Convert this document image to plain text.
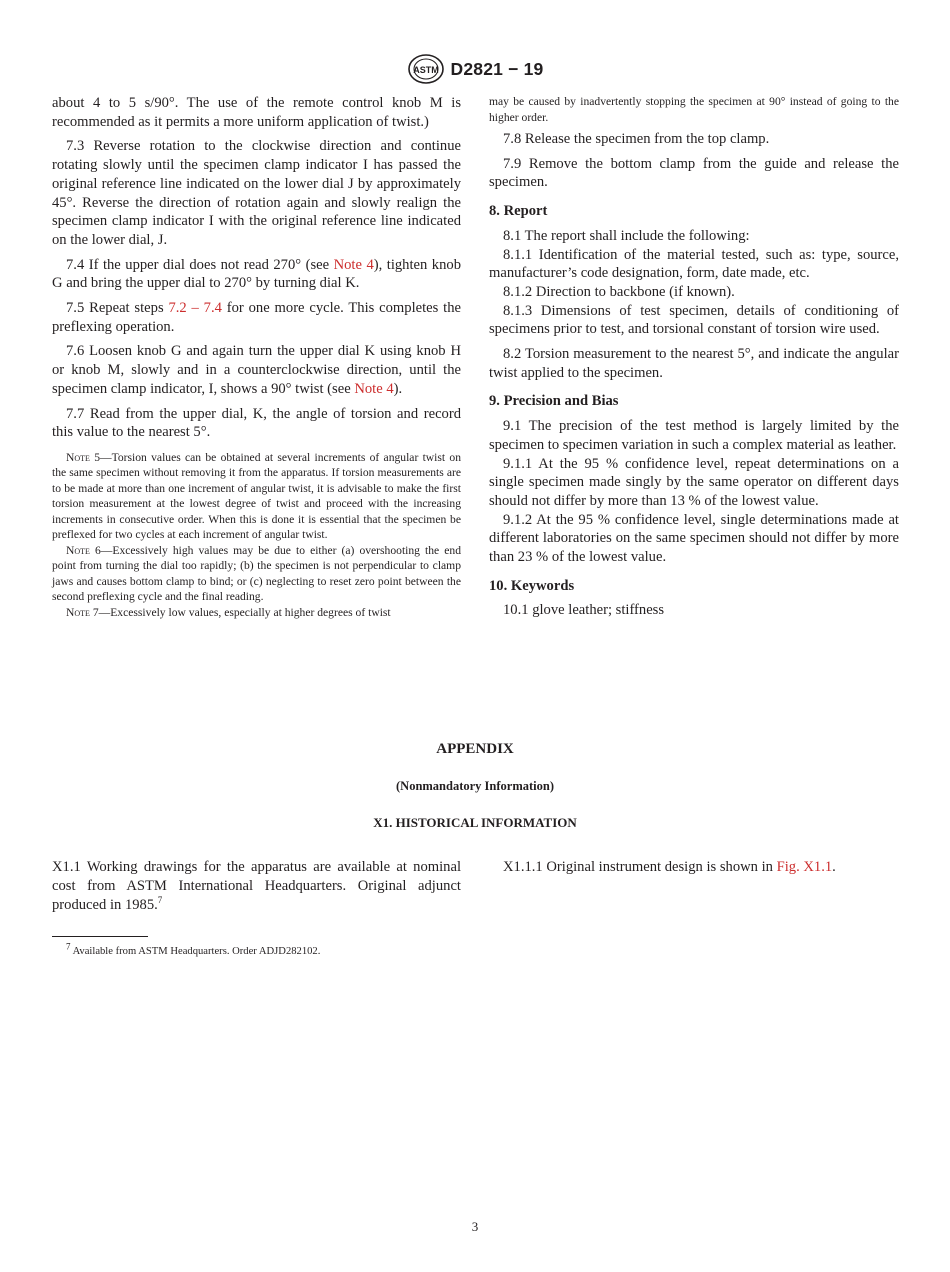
ASTM D2821 − 19

about 4 to 5 s/90°. The use of the remote control knob M is recommended as it permits a more uniform application of twist.)

7.3 Reverse rotation to the clockwise direction and continue rotating slowly until the specimen clamp indicator I has passed the original reference line indicated on the lower dial J by approximately 45°. Reverse the direction of rotation again and slowly realign the specimen clamp indicator I with the original reference line indicated on the lower dial, J.

7.4 If the upper dial does not read 270° (see Note 4), tighten knob G and bring the upper dial to 270° by turning dial K.

7.5 Repeat steps 7.2 – 7.4 for one more cycle. This completes the preflexing operation.

7.6 Loosen knob G and again turn the upper dial K using knob H or knob M, slowly and in a counterclockwise direction, until the specimen clamp indicator, I, shows a 90° twist (see Note 4).

7.7 Read from the upper dial, K, the angle of torsion and record this value to the nearest 5°.

Note 5—Torsion values can be obtained at several increments of angular twist on the same specimen without removing it from the apparatus. If torsion measurements are to be made at more than one increment of angular twist, it is advisable to make the first torsion measurement at the lowest degree of twist and proceed with the increasing increments in consecutive order. When this is done it is essential that the specimen be preflexed for two cycles at each increment of angular twist.

Note 6—Excessively high values may be due to either (a) overshooting the end point from turning the dial too rapidly; (b) the specimen is not perpendicular to clamp jaws and causes bottom clamp to bind; or (c) neglecting to reset zero point between the second preflexing cycle and the final reading.

Note 7—Excessively low values, especially at higher degrees of twist

may be caused by inadvertently stopping the specimen at 90° instead of going to the higher order.

7.8 Release the specimen from the top clamp.

7.9 Remove the bottom clamp from the guide and release the specimen.

8. Report

8.1 The report shall include the following:

8.1.1 Identification of the material tested, such as: type, source, manufacturer’s code designation, form, date made, etc.

8.1.2 Direction to backbone (if known).

8.1.3 Dimensions of test specimen, details of conditioning of specimens prior to test, and torsional constant of torsion wire used.

8.2 Torsion measurement to the nearest 5°, and indicate the angular twist applied to the specimen.

9. Precision and Bias

9.1 The precision of the test method is largely limited by the specimen to specimen variation in such a complex material as leather.

9.1.1 At the 95 % confidence level, repeat determinations on a single specimen made singly by the same operator on different days should not differ by more than 13 % of the lowest value.

9.1.2 At the 95 % confidence level, single determinations made at different laboratories on the same specimen should not differ by more than 23 % of the lowest value.

10. Keywords

10.1 glove leather; stiffness

APPENDIX
(Nonmandatory Information)
X1. HISTORICAL INFORMATION

X1.1 Working drawings for the apparatus are available at nominal cost from ASTM International Headquarters. Original adjunct produced in 1985.$^7$

X1.1.1 Original instrument design is shown in Fig. X1.1.

$^7$ Available from ASTM Headquarters. Order ADJD282102.
3
